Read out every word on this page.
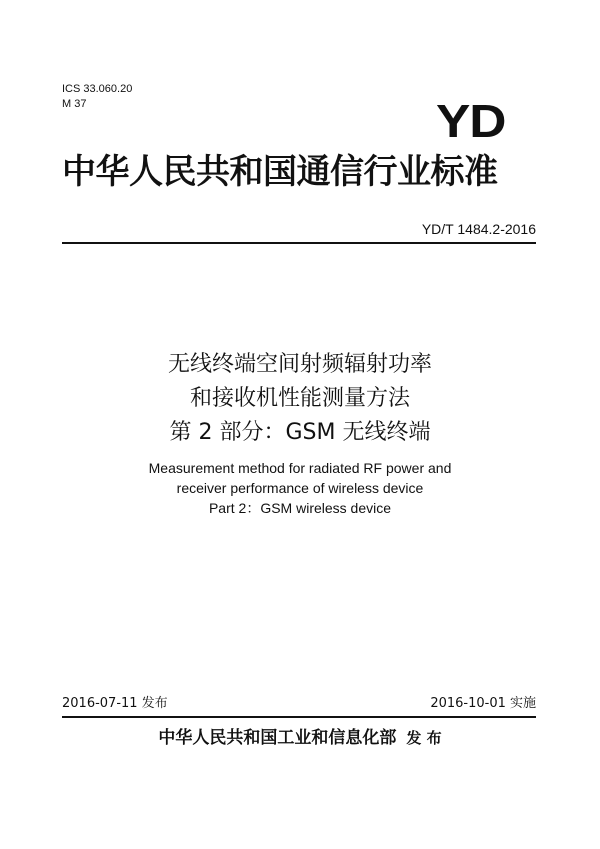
ICS 33.060.20
M 37	YD
中华人民共和国通信行业标准
YD/T 1484.2-2016

无线终端空间射频辐射功率

和接收机性能测量方法

第 2 部分：GSM 无线终端

Measurement method for radiated RF power and

receiver performance of wireless device

Part 2：GSM wireless device

2016-07-11 发布	2016-10-01 实施
中华人民共和国工业和信息化部 发 布
